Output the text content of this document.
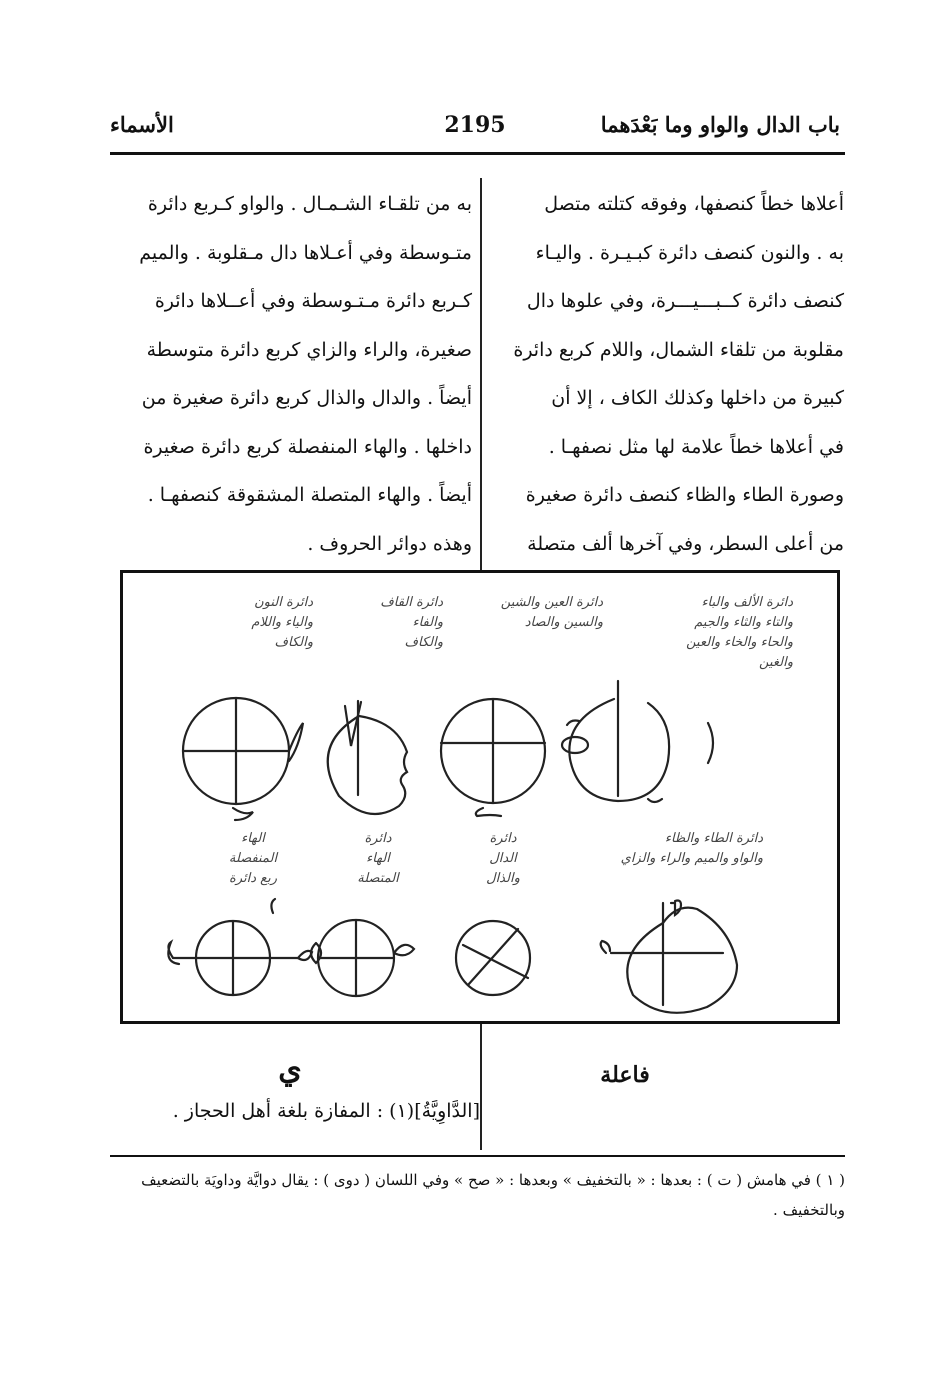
باب الدال والواو وما بَعْدَهما
2195
الأسماء
أعلاها خطاً كنصفها، وفوقه كتلته متصل
به . والنون كنصف دائرة كبـيـرة . واليـاء
كنصف دائرة كــبـــيـــرة، وفي علوها دال
مقلوبة من تلقاء الشمال، واللام كربع دائرة
كبيرة من داخلها وكذلك الكاف ، إلا أن
في أعلاها خطاً علامة لها مثل نصفهـا .
وصورة الطاء والظاء كنصف دائرة صغيرة
من أعلى السطر، وفي آخرها ألف متصلة
به من تلقـاء الشـمـال . والواو كـربع دائرة
متـوسطة وفي أعـلاها دال مـقلوبة . والميم
كـربع دائرة مـتـوسطة وفي أعــلاها دائرة
صغيرة، والراء والزاي كربع دائرة متوسطة
أيضاً . والدال والذال كربع دائرة صغيرة من
داخلها . والهاء المنفصلة كربع دائرة صغيرة
أيضاً . والهاء المتصلة المشقوقة كنصفهـا .
وهذه دوائر الحروف .
دائرة الألف والباء
والتاء والثاء والجيم
والحاء والخاء والعين
والغين
دائرة العين والشين
والسين والصاد
دائرة القاف
والفاء
والكاف
دائرة النون
والياء واللام
والكاف
دائرة الطاء والظاء
والواو والميم والراء والزاي
دائرة
الدال
والذال
دائرة
الهاء
المتصلة
الهاء
المنفصلة
ربع دائرة
فاعلة
ي
[الدَّاوِيَّةُ](١) : المفازة بلغة أهل الحجاز .
( ١ ) في هامش ( ت ) : بعدها : « بالتخفيف » وبعدها : « صح » وفي اللسان ( دوى ) : يقال دوايَّة وداويَة بالتضعيف
وبالتخفيف .
